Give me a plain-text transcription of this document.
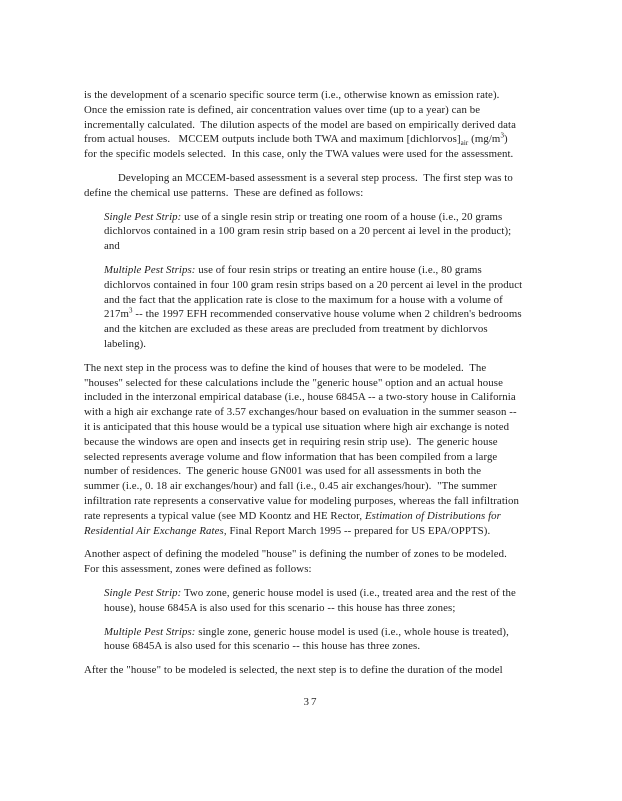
is the development of a scenario specific source term (i.e., otherwise known as emission rate).
Once the emission rate is defined, air concentration values over time (up to a year) can be
incrementally calculated.  The dilution aspects of the model are based on empirically derived data
from actual houses.   MCCEM outputs include both TWA and maximum $[dichlorvos]_{air}$ $(mg/m^3)$
for the specific models selected.  In this case, only the TWA values were used for the assessment.
Developing an MCCEM-based assessment is a several step process.  The first step was to
define the chemical use patterns.  These are defined as follows:
Single Pest Strip: use of a single resin strip or treating one room of a house (i.e., 20 grams
dichlorvos contained in a 100 gram resin strip based on a 20 percent ai level in the product);
and
Multiple Pest Strips: use of four resin strips or treating an entire house (i.e., 80 grams
dichlorvos contained in four 100 gram resin strips based on a 20 percent ai level in the product
and the fact that the application rate is close to the maximum for a house with a volume of
$217m^3$ -- the 1997 EFH recommended conservative house volume when 2 children's bedrooms
and the kitchen are excluded as these areas are precluded from treatment by dichlorvos
labeling).
The next step in the process was to define the kind of houses that were to be modeled.  The
"houses" selected for these calculations include the "generic house" option and an actual house
included in the interzonal empirical database (i.e., house 6845A -- a two-story house in California
with a high air exchange rate of 3.57 exchanges/hour based on evaluation in the summer season --
it is anticipated that this house would be a typical use situation where high air exchange is noted
because the windows are open and insects get in requiring resin strip use).  The generic house
selected represents average volume and flow information that has been compiled from a large
number of residences.  The generic house GN001 was used for all assessments in both the
summer (i.e., 0. 18 air exchanges/hour) and fall (i.e., 0.45 air exchanges/hour).  "The summer
infiltration rate represents a conservative value for modeling purposes, whereas the fall infiltration
rate represents a typical value (see MD Koontz and HE Rector, Estimation of Distributions for
Residential Air Exchange Rates, Final Report March 1995 -- prepared for US EPA/OPPTS).
Another aspect of defining the modeled "house" is defining the number of zones to be modeled.
For this assessment, zones were defined as follows:
Single Pest Strip: Two zone, generic house model is used (i.e., treated area and the rest of the
house), house 6845A is also used for this scenario -- this house has three zones;
Multiple Pest Strips: single zone, generic house model is used (i.e., whole house is treated),
house 6845A is also used for this scenario -- this house has three zones.
After the "house" to be modeled is selected, the next step is to define the duration of the model
37
